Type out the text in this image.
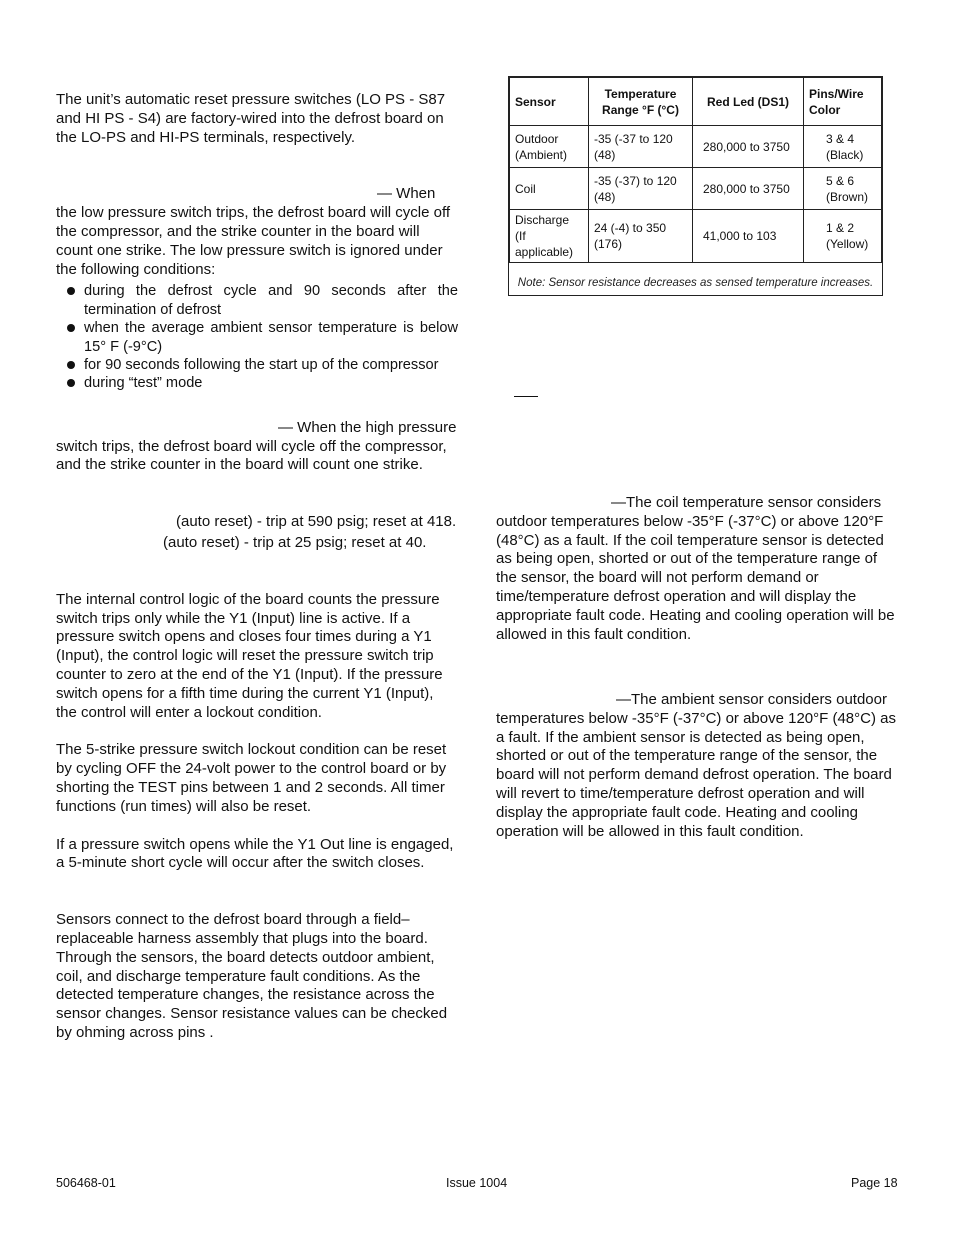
The unit’s automatic reset pressure switches (LO PS - S87 and HI PS - S4) are factory-wired into the defrost board on the LO-PS and HI-PS terminals, respectively.

— When the low pressure switch trips, the defrost board will cycle off the compressor, and the strike counter in the board will count one strike. The low pressure switch is ignored under the following conditions:

during the defrost cycle and 90 seconds after the termination of defrost
when the average ambient sensor temperature is below 15° F (-9°C)
for 90 seconds following the start up of the compressor
during “test” mode

— When the high pressure switch trips, the defrost board will cycle off the compressor, and the strike counter in the board will count one strike.

(auto reset) - trip at 590 psig; reset at 418.

(auto reset) - trip at 25 psig; reset at 40.

The internal control logic of the board counts the pressure switch trips only while the Y1 (Input) line is active. If a pressure switch opens and closes four times during a Y1 (Input), the control logic will reset the pressure switch trip counter to zero at the end of the Y1 (Input). If the pressure switch opens for a fifth time during the current Y1 (Input), the control will enter a lockout condition.

The 5-strike pressure switch lockout condition can be reset by cycling OFF the 24-volt power to the control board or by shorting the TEST pins between 1 and 2 seconds. All timer functions (run times) will also be reset.

If a pressure switch opens while the Y1 Out line is engaged, a 5-minute short cycle will occur after the switch closes.

Sensors connect to the defrost board through a field–replaceable harness assembly that plugs into the board. Through the sensors, the board detects outdoor ambient, coil, and discharge temperature fault conditions. As the detected temperature changes, the resistance across the sensor changes. Sensor resistance values can be checked by ohming across pins .

Sensor	Temperature Range °F (°C)	Red Led (DS1)	Pins/Wire Color
Outdoor (Ambient)	-35 (-37 to 120 (48)	280,000 to 3750	3 & 4 (Black)
Coil	-35 (-37) to 120 (48)	280,000 to 3750	5 & 6 (Brown)
Discharge (If applicable)	24 (-4) to 350 (176)	41,000 to 103	1 & 2 (Yellow)
Note: Sensor resistance decreases as sensed temperature increases.

—The coil temperature sensor considers outdoor temperatures below -35°F (-37°C) or above 120°F (48°C) as a fault. If the coil temperature sensor is detected as being open, shorted or out of the temperature range of the sensor, the board will not perform demand or time/temperature defrost operation and will display the appropriate fault code. Heating and cooling operation will be allowed in this fault condition.

—The ambient sensor considers outdoor temperatures below -35°F (-37°C) or above 120°F (48°C) as a fault. If the ambient sensor is detected as being open, shorted or out of the temperature range of the sensor, the board will not perform demand defrost operation. The board will revert to time/temperature defrost operation and will display the appropriate fault code. Heating and cooling operation will be allowed in this fault condition.

506468-01	Issue 1004	Page 18
